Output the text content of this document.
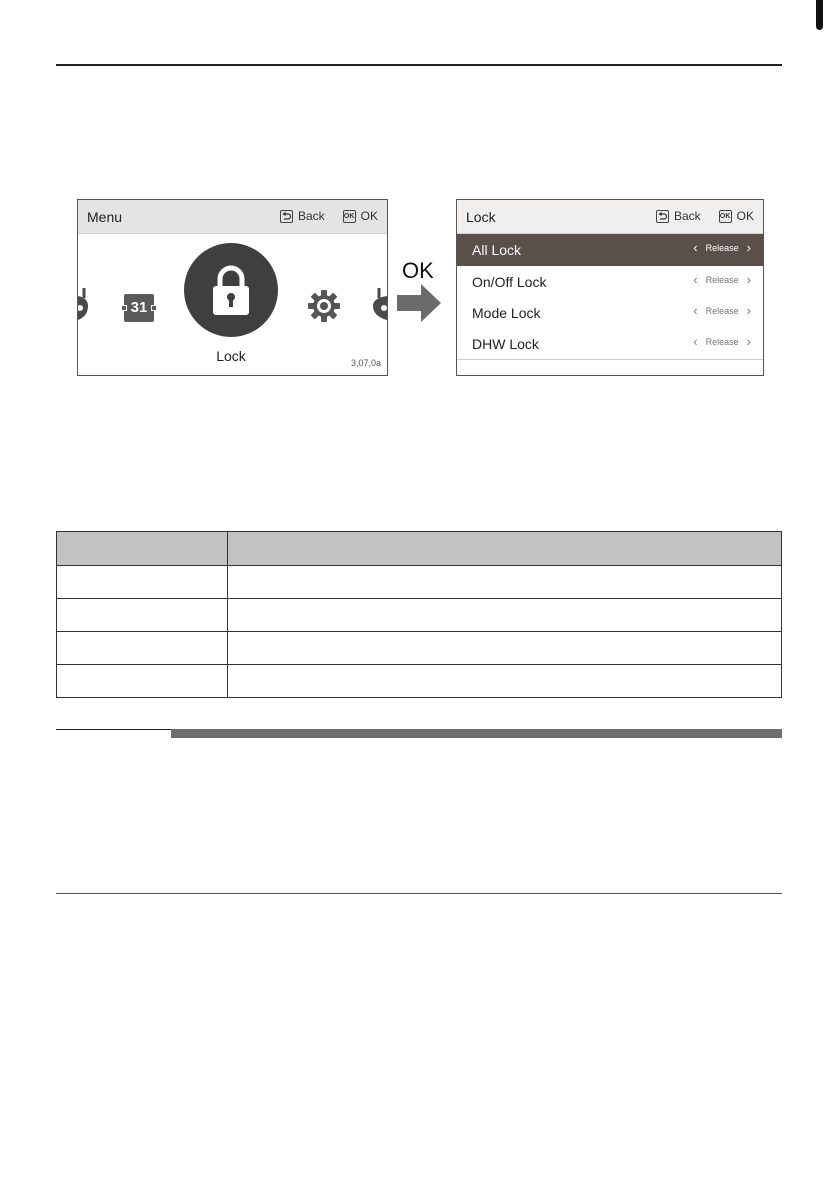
Menu	Back	OK OK
31
Lock	3,07,0a
OK
Lock	Back	OK OK
All Lock	‹ Release ›
On/Off Lock	‹ Release ›
Mode Lock	‹ Release ›
DHW Lock	‹ Release ›
